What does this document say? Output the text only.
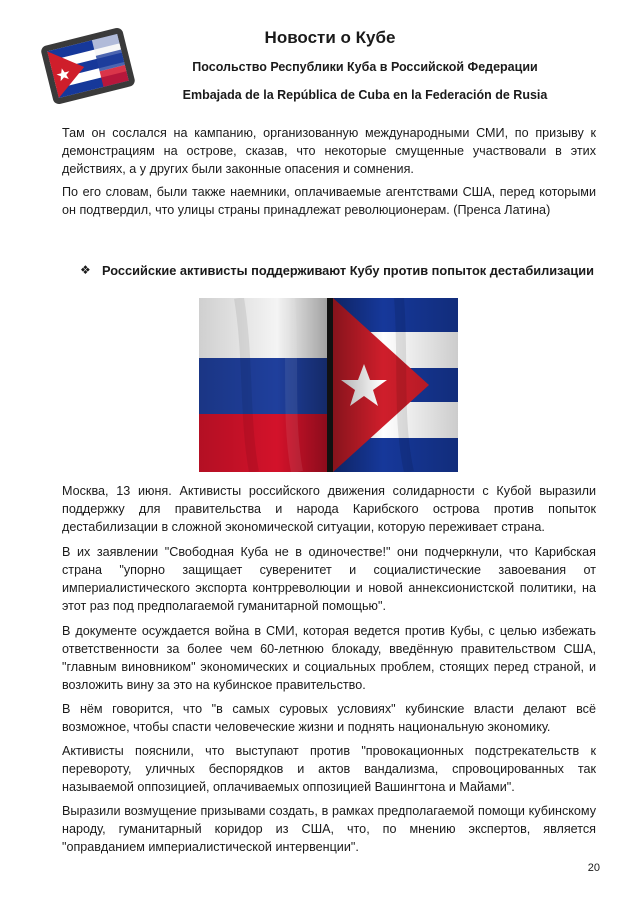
Новости о Кубе
Посольство Республики Куба в Российской Федерации
Embajada de la República de Cuba en la Federación de Rusia

Там он сослался на кампанию, организованную международными СМИ, по призыву к демонстрациям на острове, сказав, что некоторые смущенные участвовали в этих действиях, а у других были законные опасения и сомнения.

По его словам, были также наемники, оплачиваемые агентствами США, перед которыми он подтвердил, что улицы страны принадлежат революционерам. (Пренса Латина)

❖ Российские активисты поддерживают Кубу против попыток дестабилизации

Москва, 13 июня. Активисты российского движения солидарности с Кубой выразили поддержку для правительства и народа Карибского острова против попыток дестабилизации в сложной экономической ситуации, которую переживает страна.

В их заявлении "Свободная Куба не в одиночестве!" они подчеркнули, что Карибская страна "упорно защищает суверенитет и социалистические завоевания от империалистического экспорта контрреволюции и новой аннексионистской политики, на этот раз под предполагаемой гуманитарной помощью".

В документе осуждается война в СМИ, которая ведется против Кубы, с целью избежать ответственности за более чем 60-летнюю блокаду, введённую правительством США, "главным виновником" экономических и социальных проблем, стоящих перед страной, и возложить вину за это на кубинское правительство.

В нём говорится, что "в самых суровых условиях" кубинские власти делают всё возможное, чтобы спасти человеческие жизни и поднять национальную экономику.

Активисты пояснили, что выступают против "провокационных подстрекательств к перевороту, уличных беспорядков и актов вандализма, спровоцированных так называемой оппозицией, оплачиваемых оппозицией Вашингтона и Майами".

Выразили возмущение призывами создать, в рамках предполагаемой помощи кубинскому народу, гуманитарный коридор из США, что, по мнению экспертов, является "оправданием империалистической интервенции".

20
